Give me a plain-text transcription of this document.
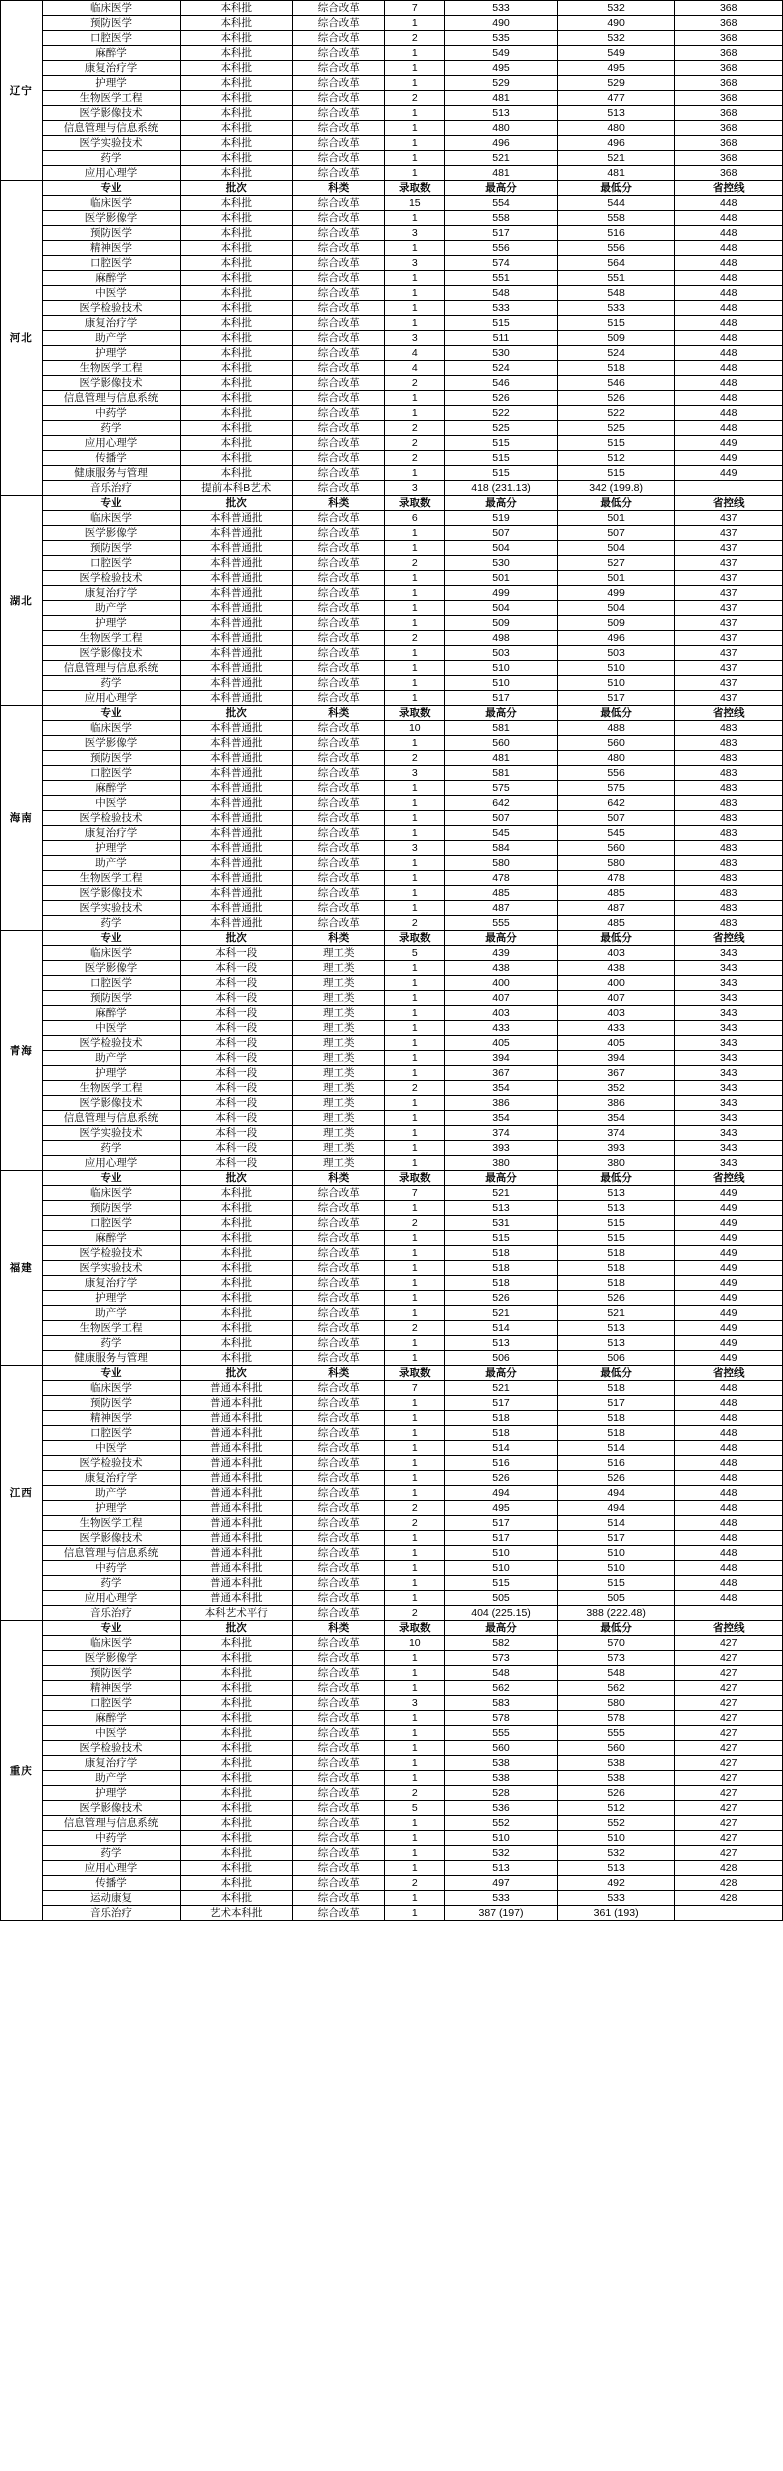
辽宁	临床医学	本科批	综合改革	7	533	532	368
	预防医学	本科批	综合改革	1	490	490	368
	口腔医学	本科批	综合改革	2	535	532	368
	麻醉学	本科批	综合改革	1	549	549	368
	康复治疗学	本科批	综合改革	1	495	495	368
	护理学	本科批	综合改革	1	529	529	368
	生物医学工程	本科批	综合改革	2	481	477	368
	医学影像技术	本科批	综合改革	1	513	513	368
	信息管理与信息系统	本科批	综合改革	1	480	480	368
	医学实验技术	本科批	综合改革	1	496	496	368
	药学	本科批	综合改革	1	521	521	368
	应用心理学	本科批	综合改革	1	481	481	368
河北	专业	批次	科类	录取数	最高分	最低分	省控线
	临床医学	本科批	综合改革	15	554	544	448
	医学影像学	本科批	综合改革	1	558	558	448
	预防医学	本科批	综合改革	3	517	516	448
	精神医学	本科批	综合改革	1	556	556	448
	口腔医学	本科批	综合改革	3	574	564	448
	麻醉学	本科批	综合改革	1	551	551	448
	中医学	本科批	综合改革	1	548	548	448
	医学检验技术	本科批	综合改革	1	533	533	448
	康复治疗学	本科批	综合改革	1	515	515	448
	助产学	本科批	综合改革	3	511	509	448
	护理学	本科批	综合改革	4	530	524	448
	生物医学工程	本科批	综合改革	4	524	518	448
	医学影像技术	本科批	综合改革	2	546	546	448
	信息管理与信息系统	本科批	综合改革	1	526	526	448
	中药学	本科批	综合改革	1	522	522	448
	药学	本科批	综合改革	2	525	525	448
	应用心理学	本科批	综合改革	2	515	515	449
	传播学	本科批	综合改革	2	515	512	449
	健康服务与管理	本科批	综合改革	1	515	515	449
	音乐治疗	提前本科B艺术	综合改革	3	418 (231.13)	342 (199.8)	
湖北	专业	批次	科类	录取数	最高分	最低分	省控线
	临床医学	本科普通批	综合改革	6	519	501	437
	医学影像学	本科普通批	综合改革	1	507	507	437
	预防医学	本科普通批	综合改革	1	504	504	437
	口腔医学	本科普通批	综合改革	2	530	527	437
	医学检验技术	本科普通批	综合改革	1	501	501	437
	康复治疗学	本科普通批	综合改革	1	499	499	437
	助产学	本科普通批	综合改革	1	504	504	437
	护理学	本科普通批	综合改革	1	509	509	437
	生物医学工程	本科普通批	综合改革	2	498	496	437
	医学影像技术	本科普通批	综合改革	1	503	503	437
	信息管理与信息系统	本科普通批	综合改革	1	510	510	437
	药学	本科普通批	综合改革	1	510	510	437
	应用心理学	本科普通批	综合改革	1	517	517	437
海南	专业	批次	科类	录取数	最高分	最低分	省控线
	临床医学	本科普通批	综合改革	10	581	488	483
	医学影像学	本科普通批	综合改革	1	560	560	483
	预防医学	本科普通批	综合改革	2	481	480	483
	口腔医学	本科普通批	综合改革	3	581	556	483
	麻醉学	本科普通批	综合改革	1	575	575	483
	中医学	本科普通批	综合改革	1	642	642	483
	医学检验技术	本科普通批	综合改革	1	507	507	483
	康复治疗学	本科普通批	综合改革	1	545	545	483
	护理学	本科普通批	综合改革	3	584	560	483
	助产学	本科普通批	综合改革	1	580	580	483
	生物医学工程	本科普通批	综合改革	1	478	478	483
	医学影像技术	本科普通批	综合改革	1	485	485	483
	医学实验技术	本科普通批	综合改革	1	487	487	483
	药学	本科普通批	综合改革	2	555	485	483
青海	专业	批次	科类	录取数	最高分	最低分	省控线
	临床医学	本科一段	理工类	5	439	403	343
	医学影像学	本科一段	理工类	1	438	438	343
	口腔医学	本科一段	理工类	1	400	400	343
	预防医学	本科一段	理工类	1	407	407	343
	麻醉学	本科一段	理工类	1	403	403	343
	中医学	本科一段	理工类	1	433	433	343
	医学检验技术	本科一段	理工类	1	405	405	343
	助产学	本科一段	理工类	1	394	394	343
	护理学	本科一段	理工类	1	367	367	343
	生物医学工程	本科一段	理工类	2	354	352	343
	医学影像技术	本科一段	理工类	1	386	386	343
	信息管理与信息系统	本科一段	理工类	1	354	354	343
	医学实验技术	本科一段	理工类	1	374	374	343
	药学	本科一段	理工类	1	393	393	343
	应用心理学	本科一段	理工类	1	380	380	343
福建	专业	批次	科类	录取数	最高分	最低分	省控线
	临床医学	本科批	综合改革	7	521	513	449
	预防医学	本科批	综合改革	1	513	513	449
	口腔医学	本科批	综合改革	2	531	515	449
	麻醉学	本科批	综合改革	1	515	515	449
	医学检验技术	本科批	综合改革	1	518	518	449
	医学实验技术	本科批	综合改革	1	518	518	449
	康复治疗学	本科批	综合改革	1	518	518	449
	护理学	本科批	综合改革	1	526	526	449
	助产学	本科批	综合改革	1	521	521	449
	生物医学工程	本科批	综合改革	2	514	513	449
	药学	本科批	综合改革	1	513	513	449
	健康服务与管理	本科批	综合改革	1	506	506	449
江西	专业	批次	科类	录取数	最高分	最低分	省控线
	临床医学	普通本科批	综合改革	7	521	518	448
	预防医学	普通本科批	综合改革	1	517	517	448
	精神医学	普通本科批	综合改革	1	518	518	448
	口腔医学	普通本科批	综合改革	1	518	518	448
	中医学	普通本科批	综合改革	1	514	514	448
	医学检验技术	普通本科批	综合改革	1	516	516	448
	康复治疗学	普通本科批	综合改革	1	526	526	448
	助产学	普通本科批	综合改革	1	494	494	448
	护理学	普通本科批	综合改革	2	495	494	448
	生物医学工程	普通本科批	综合改革	2	517	514	448
	医学影像技术	普通本科批	综合改革	1	517	517	448
	信息管理与信息系统	普通本科批	综合改革	1	510	510	448
	中药学	普通本科批	综合改革	1	510	510	448
	药学	普通本科批	综合改革	1	515	515	448
	应用心理学	普通本科批	综合改革	1	505	505	448
	音乐治疗	本科艺术平行	综合改革	2	404 (225.15)	388 (222.48)	
重庆	专业	批次	科类	录取数	最高分	最低分	省控线
	临床医学	本科批	综合改革	10	582	570	427
	医学影像学	本科批	综合改革	1	573	573	427
	预防医学	本科批	综合改革	1	548	548	427
	精神医学	本科批	综合改革	1	562	562	427
	口腔医学	本科批	综合改革	3	583	580	427
	麻醉学	本科批	综合改革	1	578	578	427
	中医学	本科批	综合改革	1	555	555	427
	医学检验技术	本科批	综合改革	1	560	560	427
	康复治疗学	本科批	综合改革	1	538	538	427
	助产学	本科批	综合改革	1	538	538	427
	护理学	本科批	综合改革	2	528	526	427
	医学影像技术	本科批	综合改革	5	536	512	427
	信息管理与信息系统	本科批	综合改革	1	552	552	427
	中药学	本科批	综合改革	1	510	510	427
	药学	本科批	综合改革	1	532	532	427
	应用心理学	本科批	综合改革	1	513	513	428
	传播学	本科批	综合改革	2	497	492	428
	运动康复	本科批	综合改革	1	533	533	428
	音乐治疗	艺术本科批	综合改革	1	387 (197)	361 (193)	
